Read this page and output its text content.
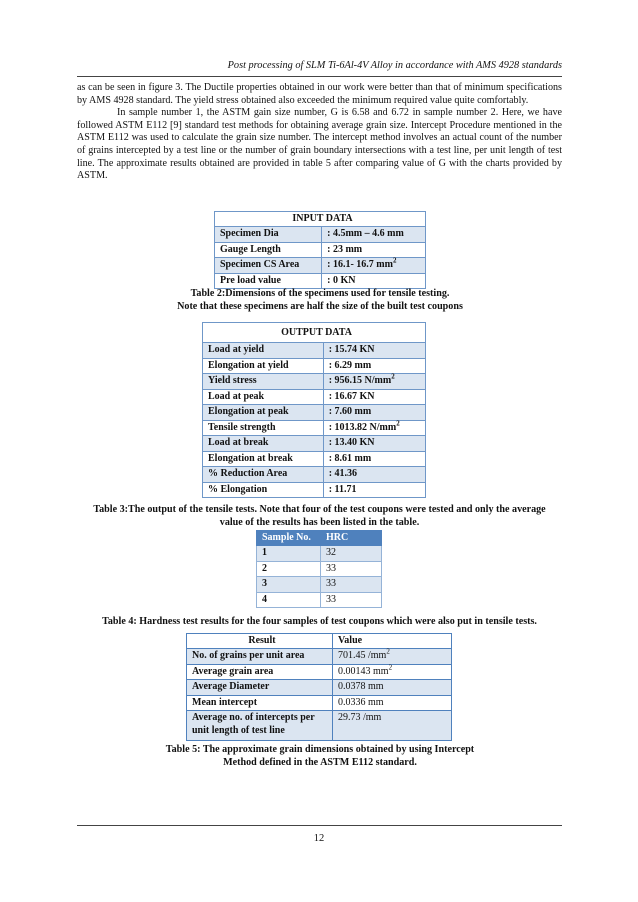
Post processing of SLM Ti-6Al-4V Alloy in accordance with AMS 4928 standards

as can be seen in figure 3. The Ductile properties obtained in our work were better than that of minimum specifications by AMS 4928 standard. The yield stress obtained also exceeded the minimum required value quite comfortably.

In sample number 1, the ASTM gain size number, G is 6.58 and 6.72 in sample number 2. Here, we have followed ASTM E112 [9] standard test methods for obtaining average grain size. Intercept Procedure mentioned in the ASTM E112 was used to calculate the grain size number. The intercept method involves an actual count of the number of grains intercepted by a test line or the number of grain boundary intersections with a test line, per unit length of test line. The approximate results obtained are provided in table 5 after comparing value of G with the charts provided by ASTM.

INPUT DATA	
Specimen Dia	: 4.5mm – 4.6 mm
Gauge Length	: 23 mm
Specimen CS Area	: 16.1- 16.7 $mm^2$
Pre load value	: 0 KN
Table 2:Dimensions of the specimens used for tensile testing.
Note that these specimens are half the size of the built test coupons
OUTPUT DATA	
Load at yield	: 15.74 KN
Elongation at yield	: 6.29 mm
Yield stress	: 956.15 $N/mm^2$
Load at peak	: 16.67 KN
Elongation at peak	: 7.60 mm
Tensile strength	: 1013.82 $N/mm^2$
Load at break	: 13.40 KN
Elongation at break	: 8.61 mm
% Reduction Area	: 41.36
% Elongation	: 11.71
Table 3:The output of the tensile tests. Note that four of the test coupons were tested and only the average
value of the results has been listed in the table.
Sample No.	HRC
1	32
2	33
3	33
4	33
Table 4: Hardness test results for the four samples of test coupons which were also put in tensile tests.
Result	Value
No. of grains per unit area	701.45 $/mm^2$
Average grain area	0.00143 $mm^2$
Average Diameter	0.0378 mm
Mean intercept	0.0336 mm
Average no. of intercepts per unit length of test line	29.73 /mm
Table 5: The approximate grain dimensions obtained by using Intercept
Method defined in the ASTM E112 standard.
12
